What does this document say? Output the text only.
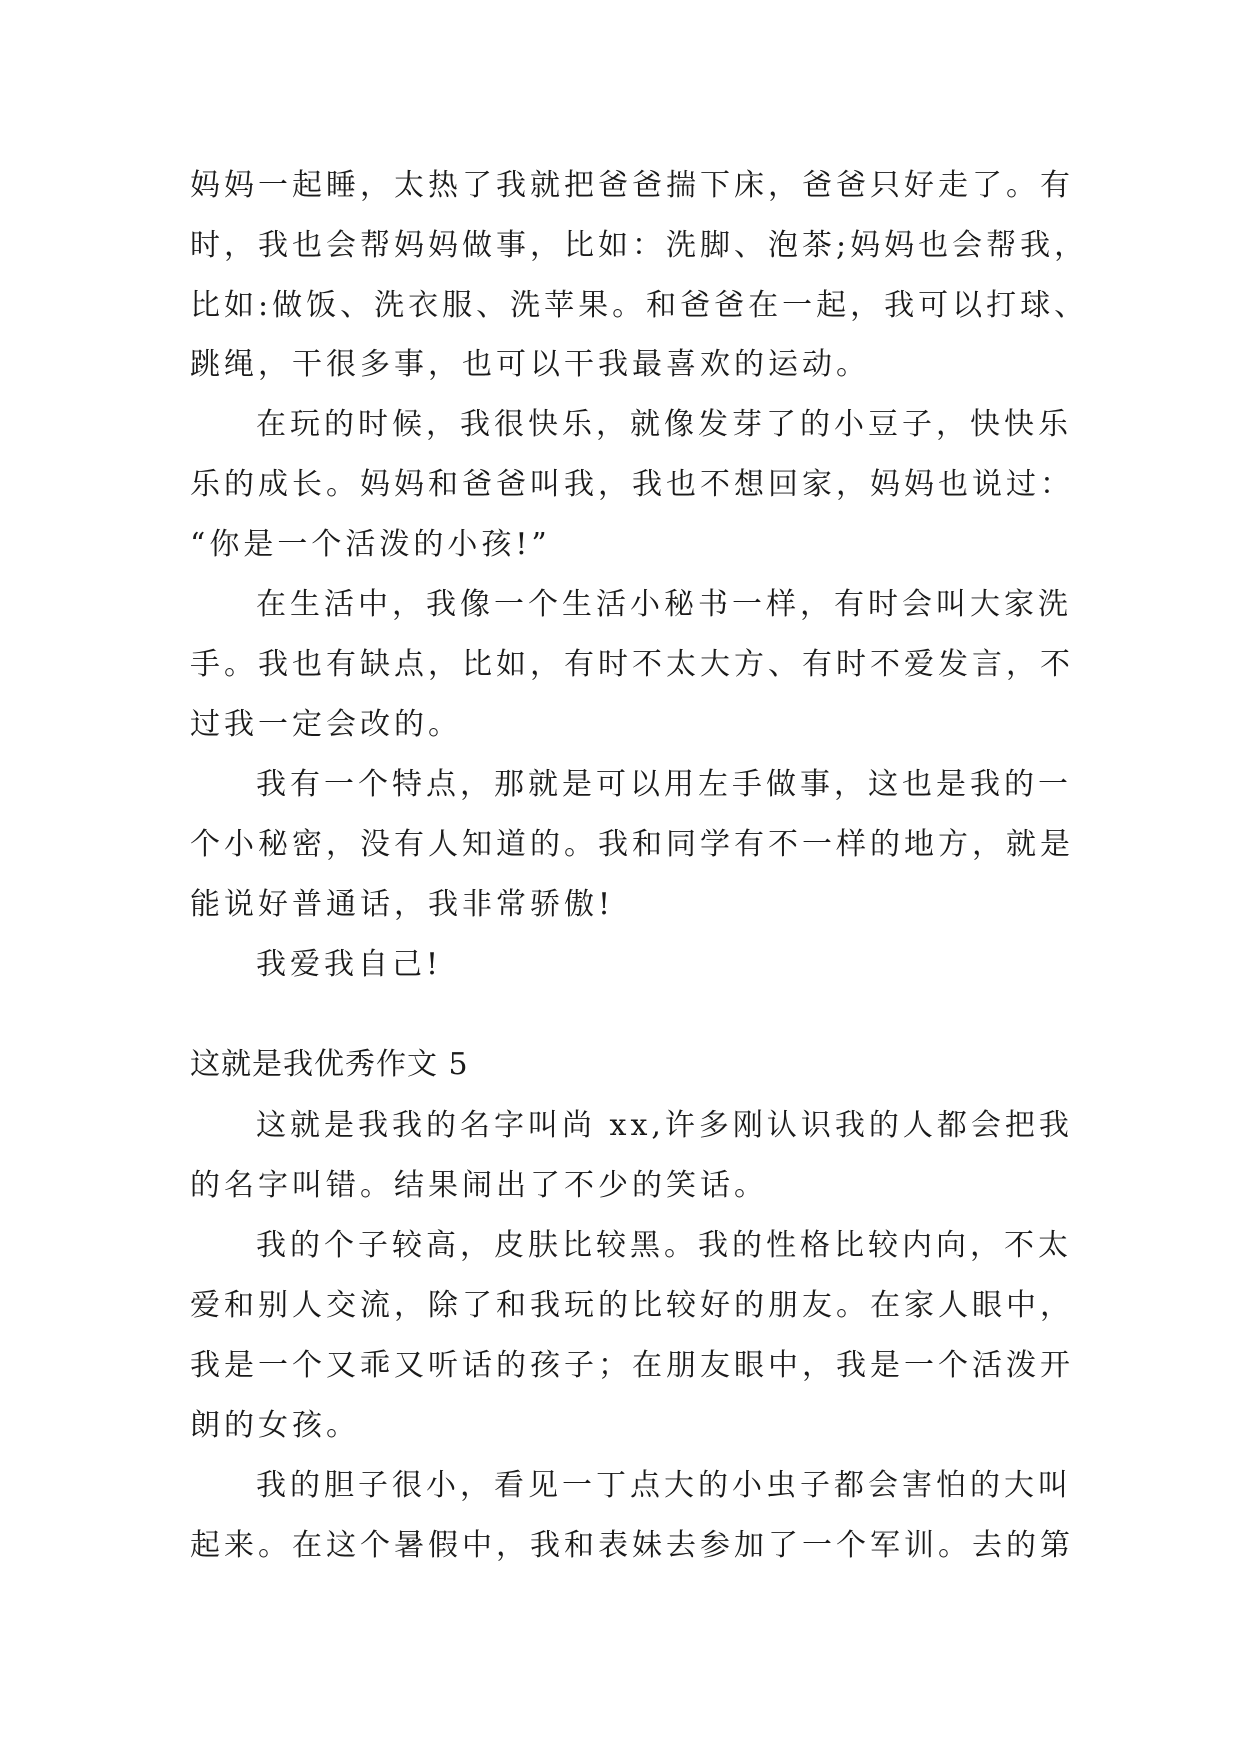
妈妈一起睡，太热了我就把爸爸揣下床，爸爸只好走了。有
时，我也会帮妈妈做事，比如：洗脚、泡茶;妈妈也会帮我，
比如:做饭、洗衣服、洗苹果。和爸爸在一起，我可以打球、
跳绳，干很多事，也可以干我最喜欢的运动。
在玩的时候，我很快乐，就像发芽了的小豆子，快快乐
乐的成长。妈妈和爸爸叫我，我也不想回家，妈妈也说过：
“你是一个活泼的小孩!”
在生活中，我像一个生活小秘书一样，有时会叫大家洗
手。我也有缺点，比如，有时不太大方、有时不爱发言，不
过我一定会改的。
我有一个特点，那就是可以用左手做事，这也是我的一
个小秘密，没有人知道的。我和同学有不一样的地方，就是
能说好普通话，我非常骄傲!
我爱我自己!
这就是我优秀作文 5
这就是我我的名字叫尚 xx,许多刚认识我的人都会把我
的名字叫错。结果闹出了不少的笑话。
我的个子较高，皮肤比较黑。我的性格比较内向，不太
爱和别人交流，除了和我玩的比较好的朋友。在家人眼中，
我是一个又乖又听话的孩子；在朋友眼中，我是一个活泼开
朗的女孩。
我的胆子很小，看见一丁点大的小虫子都会害怕的大叫
起来。在这个暑假中，我和表妹去参加了一个军训。去的第
